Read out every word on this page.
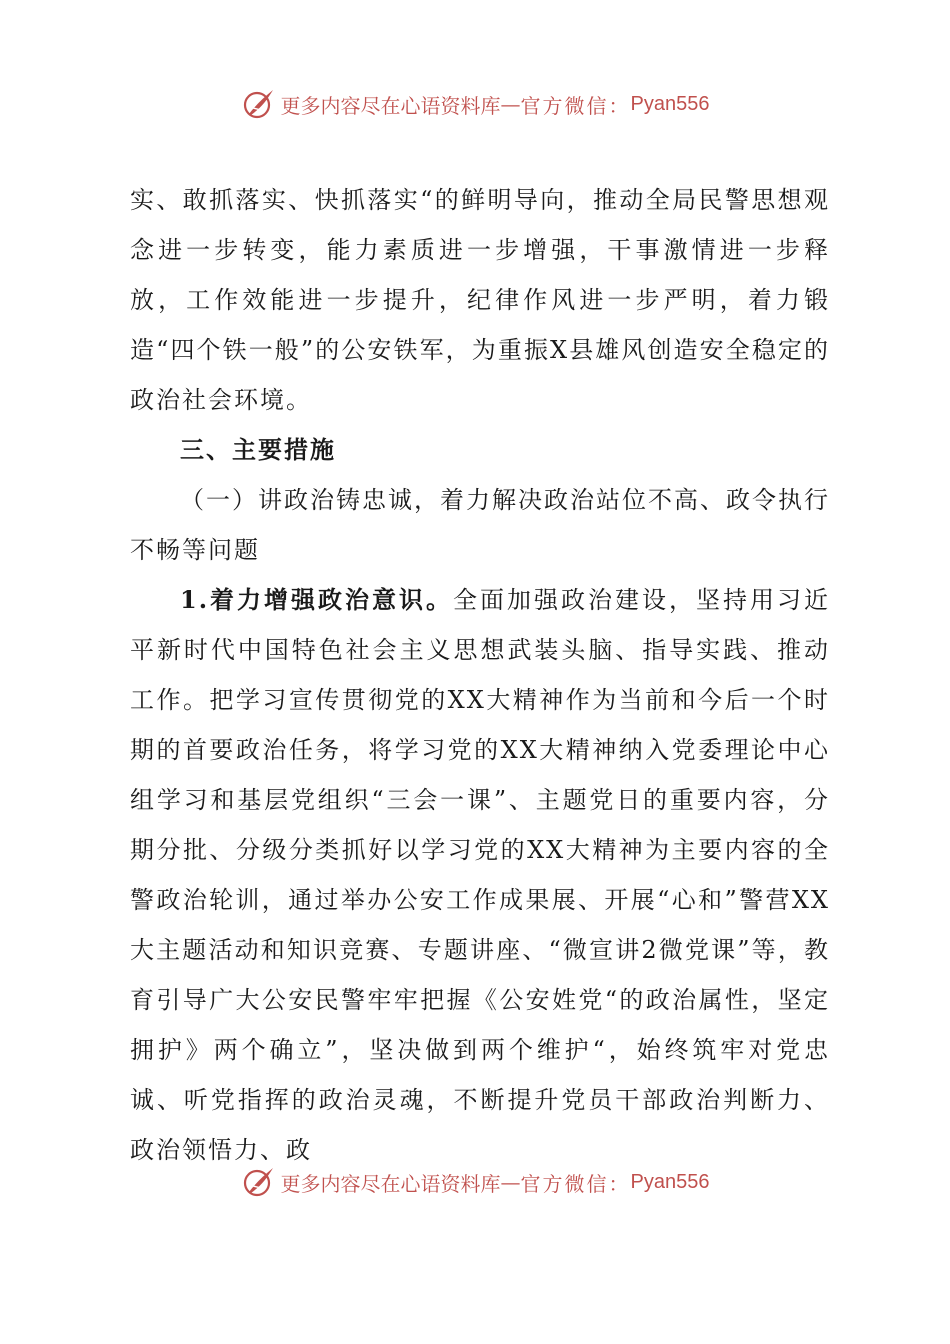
更多内容尽在心语资料库 — 官方微信： Pyan556

实、敢抓落实、快抓落实“的鲜明导向，推动全局民警思想观念进一步转变，能力素质进一步增强，干事激情进一步释放，工作效能进一步提升，纪律作风进一步严明，着力锻造“四个铁一般”的公安铁军，为重振X县雄风创造安全稳定的政治社会环境。

三、主要措施

（一）讲政治铸忠诚，着力解决政治站位不高、政令执行不畅等问题

1.着力增强政治意识。全面加强政治建设，坚持用习近平新时代中国特色社会主义思想武装头脑、指导实践、推动工作。把学习宣传贯彻党的XX大精神作为当前和今后一个时期的首要政治任务，将学习党的XX大精神纳入党委理论中心组学习和基层党组织“三会一课”、主题党日的重要内容，分期分批、分级分类抓好以学习党的XX大精神为主要内容的全警政治轮训，通过举办公安工作成果展、开展“心和”警营XX大主题活动和知识竞赛、专题讲座、“微宣讲2微党课”等，教育引导广大公安民警牢牢把握《公安姓党“的政治属性，坚定拥护》两个确立”，坚决做到两个维护“，始终筑牢对党忠诚、听党指挥的政治灵魂，不断提升党员干部政治判断力、政治领悟力、政

更多内容尽在心语资料库 — 官方微信： Pyan556
